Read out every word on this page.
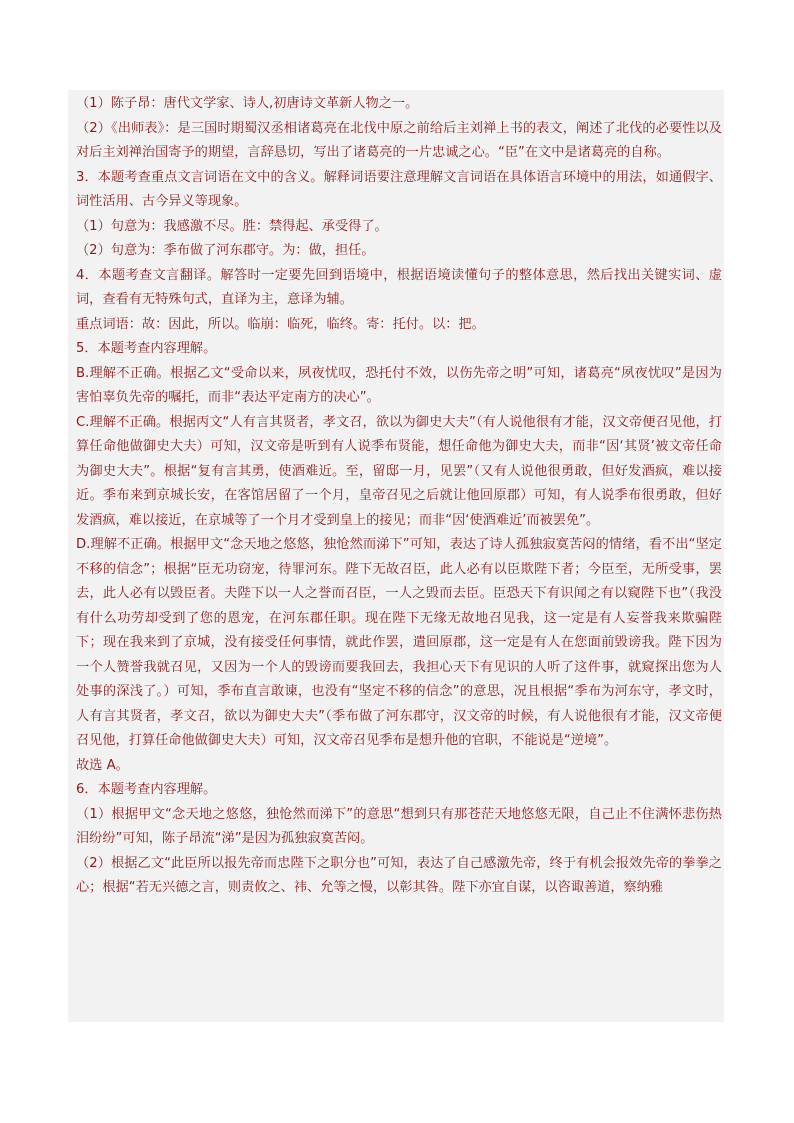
（1）陈子昂：唐代文学家、诗人,初唐诗文革新人物之一。

（2）《出师表》：是三国时期蜀汉丞相诸葛亮在北伐中原之前给后主刘禅上书的表文，阐述了北伐的必要性以及对后主刘禅治国寄予的期望，言辞恳切，写出了诸葛亮的一片忠诚之心。“臣”在文中是诸葛亮的自称。

3．本题考查重点文言词语在文中的含义。解释词语要注意理解文言词语在具体语言环境中的用法，如通假字、词性活用、古今异义等现象。

（1）句意为：我感激不尽。胜：禁得起、承受得了。

（2）句意为：季布做了河东郡守。为：做，担任。

4．本题考查文言翻译。解答时一定要先回到语境中，根据语境读懂句子的整体意思，然后找出关键实词、虚词，查看有无特殊句式，直译为主，意译为辅。

重点词语：故：因此，所以。临崩：临死，临终。寄：托付。以：把。

5．本题考查内容理解。

B.理解不正确。根据乙文“受命以来，夙夜忧叹，恐托付不效，以伤先帝之明”可知，诸葛亮“夙夜忧叹”是因为害怕辜负先帝的嘱托，而非“表达平定南方的决心”。

C.理解不正确。根据丙文“人有言其贤者，孝文召，欲以为御史大夫”（有人说他很有才能，汉文帝便召见他，打算任命他做御史大夫）可知，汉文帝是听到有人说季布贤能，想任命他为御史大夫，而非“因‘其贤’被文帝任命为御史大夫”。根据“复有言其勇，使酒难近。至，留邸一月，见罢”（又有人说他很勇敢，但好发酒疯，难以接近。季布来到京城长安，在客馆居留了一个月，皇帝召见之后就让他回原郡）可知，有人说季布很勇敢，但好发酒疯，难以接近，在京城等了一个月才受到皇上的接见；而非“因‘使酒难近’而被罢免”。

D.理解不正确。根据甲文“念天地之悠悠，独怆然而涕下”可知，表达了诗人孤独寂寞苦闷的情绪，看不出“坚定不移的信念”；根据“臣无功窃宠，待罪河东。陛下无故召臣，此人必有以臣欺陛下者；今臣至，无所受事，罢去，此人必有以毁臣者。夫陛下以一人之誉而召臣，一人之毁而去臣。臣恐天下有识闻之有以窥陛下也”（我没有什么功劳却受到了您的恩宠，在河东郡任职。现在陛下无缘无故地召见我，这一定是有人妄誉我来欺骗陛下；现在我来到了京城，没有接受任何事情，就此作罢，遣回原郡，这一定是有人在您面前毁谤我。陛下因为一个人赞誉我就召见，又因为一个人的毁谤而要我回去，我担心天下有见识的人听了这件事，就窥探出您为人处事的深浅了。）可知，季布直言敢谏，也没有“坚定不移的信念”的意思，况且根据“季布为河东守，孝文时，人有言其贤者，孝文召，欲以为御史大夫”（季布做了河东郡守，汉文帝的时候，有人说他很有才能，汉文帝便召见他，打算任命他做御史大夫）可知，汉文帝召见季布是想升他的官职，不能说是“逆境”。

故选 A。

6．本题考查内容理解。

（1）根据甲文“念天地之悠悠，独怆然而涕下”的意思“想到只有那苍茫天地悠悠无限，自己止不住满怀悲伤热泪纷纷”可知，陈子昂流“涕”是因为孤独寂寞苦闷。

（2）根据乙文“此臣所以报先帝而忠陛下之职分也”可知，表达了自己感激先帝，终于有机会报效先帝的拳拳之心；根据“若无兴德之言，则责攸之、祎、允等之慢，以彰其咎。陛下亦宜自谋，以咨诹善道，察纳雅
